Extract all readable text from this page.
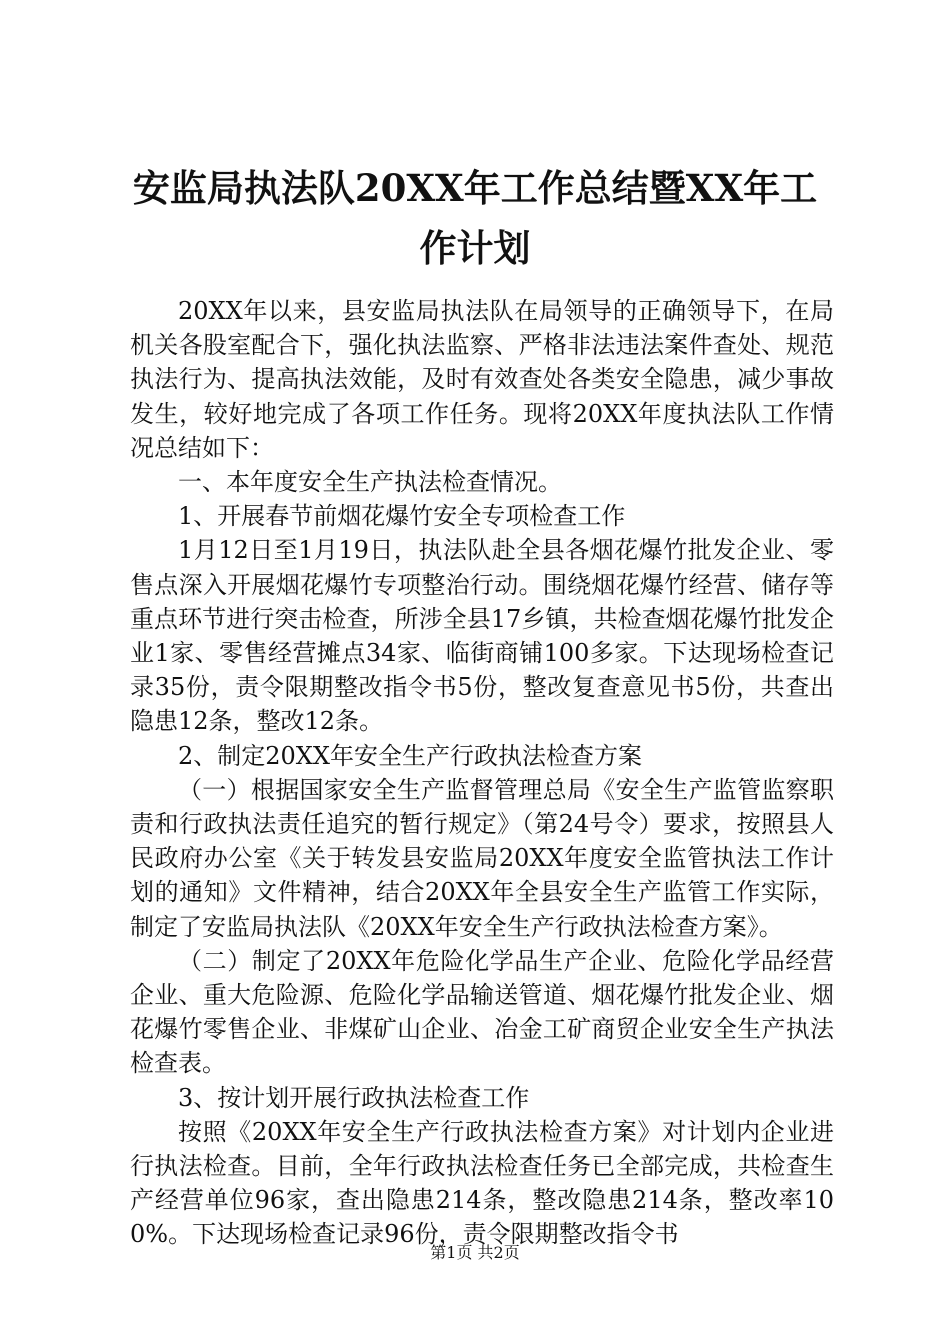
安监局执法队20XX年工作总结暨XX年工作计划

20XX年以来，县安监局执法队在局领导的正确领导下，在局机关各股室配合下，强化执法监察、严格非法违法案件查处、规范执法行为、提高执法效能，及时有效查处各类安全隐患，减少事故发生，较好地完成了各项工作任务。现将20XX年度执法队工作情况总结如下：

一、本年度安全生产执法检查情况。

1、开展春节前烟花爆竹安全专项检查工作

1月12日至1月19日，执法队赴全县各烟花爆竹批发企业、零售点深入开展烟花爆竹专项整治行动。围绕烟花爆竹经营、储存等重点环节进行突击检查，所涉全县17乡镇，共检查烟花爆竹批发企业1家、零售经营摊点34家、临街商铺100多家。下达现场检查记录35份，责令限期整改指令书5份，整改复查意见书5份，共查出隐患12条，整改12条。

2、制定20XX年安全生产行政执法检查方案

（一）根据国家安全生产监督管理总局《安全生产监管监察职责和行政执法责任追究的暂行规定》（第24号令）要求，按照县人民政府办公室《关于转发县安监局20XX年度安全监管执法工作计划的通知》文件精神，结合20XX年全县安全生产监管工作实际，制定了安监局执法队《20XX年安全生产行政执法检查方案》。

（二）制定了20XX年危险化学品生产企业、危险化学品经营企业、重大危险源、危险化学品输送管道、烟花爆竹批发企业、烟花爆竹零售企业、非煤矿山企业、冶金工矿商贸企业安全生产执法检查表。

3、按计划开展行政执法检查工作

按照《20XX年安全生产行政执法检查方案》对计划内企业进行执法检查。目前，全年行政执法检查任务已全部完成，共检查生产经营单位96家，查出隐患214条，整改隐患214条，整改率100%。下达现场检查记录96份，责令限期整改指令书

第1页 共2页
